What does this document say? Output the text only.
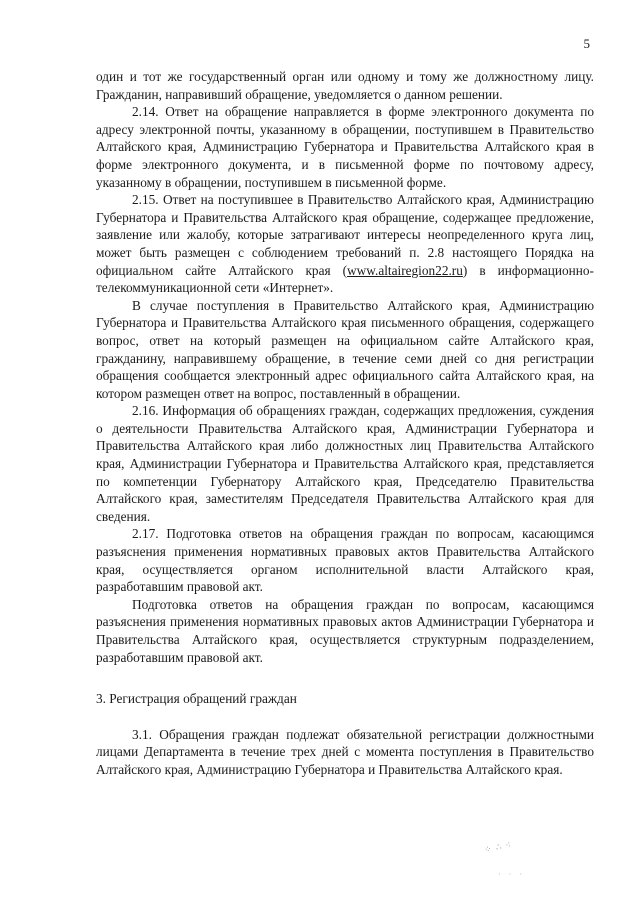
5

один и тот же государственный орган или одному и тому же должностному лицу. Гражданин, направивший обращение, уведомляется о данном решении.

2.14. Ответ на обращение направляется в форме электронного документа по адресу электронной почты, указанному в обращении, поступившем в Правительство Алтайского края, Администрацию Губернатора и Правительства Алтайского края в форме электронного документа, и в письменной форме по почтовому адресу, указанному в обращении, поступившем в письменной форме.

2.15. Ответ на поступившее в Правительство Алтайского края, Администрацию Губернатора и Правительства Алтайского края обращение, содержащее предложение, заявление или жалобу, которые затрагивают интересы неопределенного круга лиц, может быть размещен с соблюдением требований п. 2.8 настоящего Порядка на официальном сайте Алтайского края (www.altairegion22.ru) в информационно-телекоммуникационной сети «Интернет».

В случае поступления в Правительство Алтайского края, Администрацию Губернатора и Правительства Алтайского края письменного обращения, содержащего вопрос, ответ на который размещен на официальном сайте Алтайского края, гражданину, направившему обращение, в течение семи дней со дня регистрации обращения сообщается электронный адрес официального сайта Алтайского края, на котором размещен ответ на вопрос, поставленный в обращении.

2.16. Информация об обращениях граждан, содержащих предложения, суждения о деятельности Правительства Алтайского края, Администрации Губернатора и Правительства Алтайского края либо должностных лиц Правительства Алтайского края, Администрации Губернатора и Правительства Алтайского края, представляется по компетенции Губернатору Алтайского края, Председателю Правительства Алтайского края, заместителям Председателя Правительства Алтайского края для сведения.

2.17. Подготовка ответов на обращения граждан по вопросам, касающимся разъяснения применения нормативных правовых актов Правительства Алтайского края, осуществляется органом исполнительной власти Алтайского края, разработавшим правовой акт.

Подготовка ответов на обращения граждан по вопросам, касающимся разъяснения применения нормативных правовых актов Администрации Губернатора и Правительства Алтайского края, осуществляется структурным подразделением, разработавшим правовой акт.

3. Регистрация обращений граждан

3.1. Обращения граждан подлежат обязательной регистрации должностными лицами Департамента в течение трех дней с момента поступления в Правительство Алтайского края, Администрацию Губернатора и Правительства Алтайского края.

⁘ ∴ ⁖
· · ·
